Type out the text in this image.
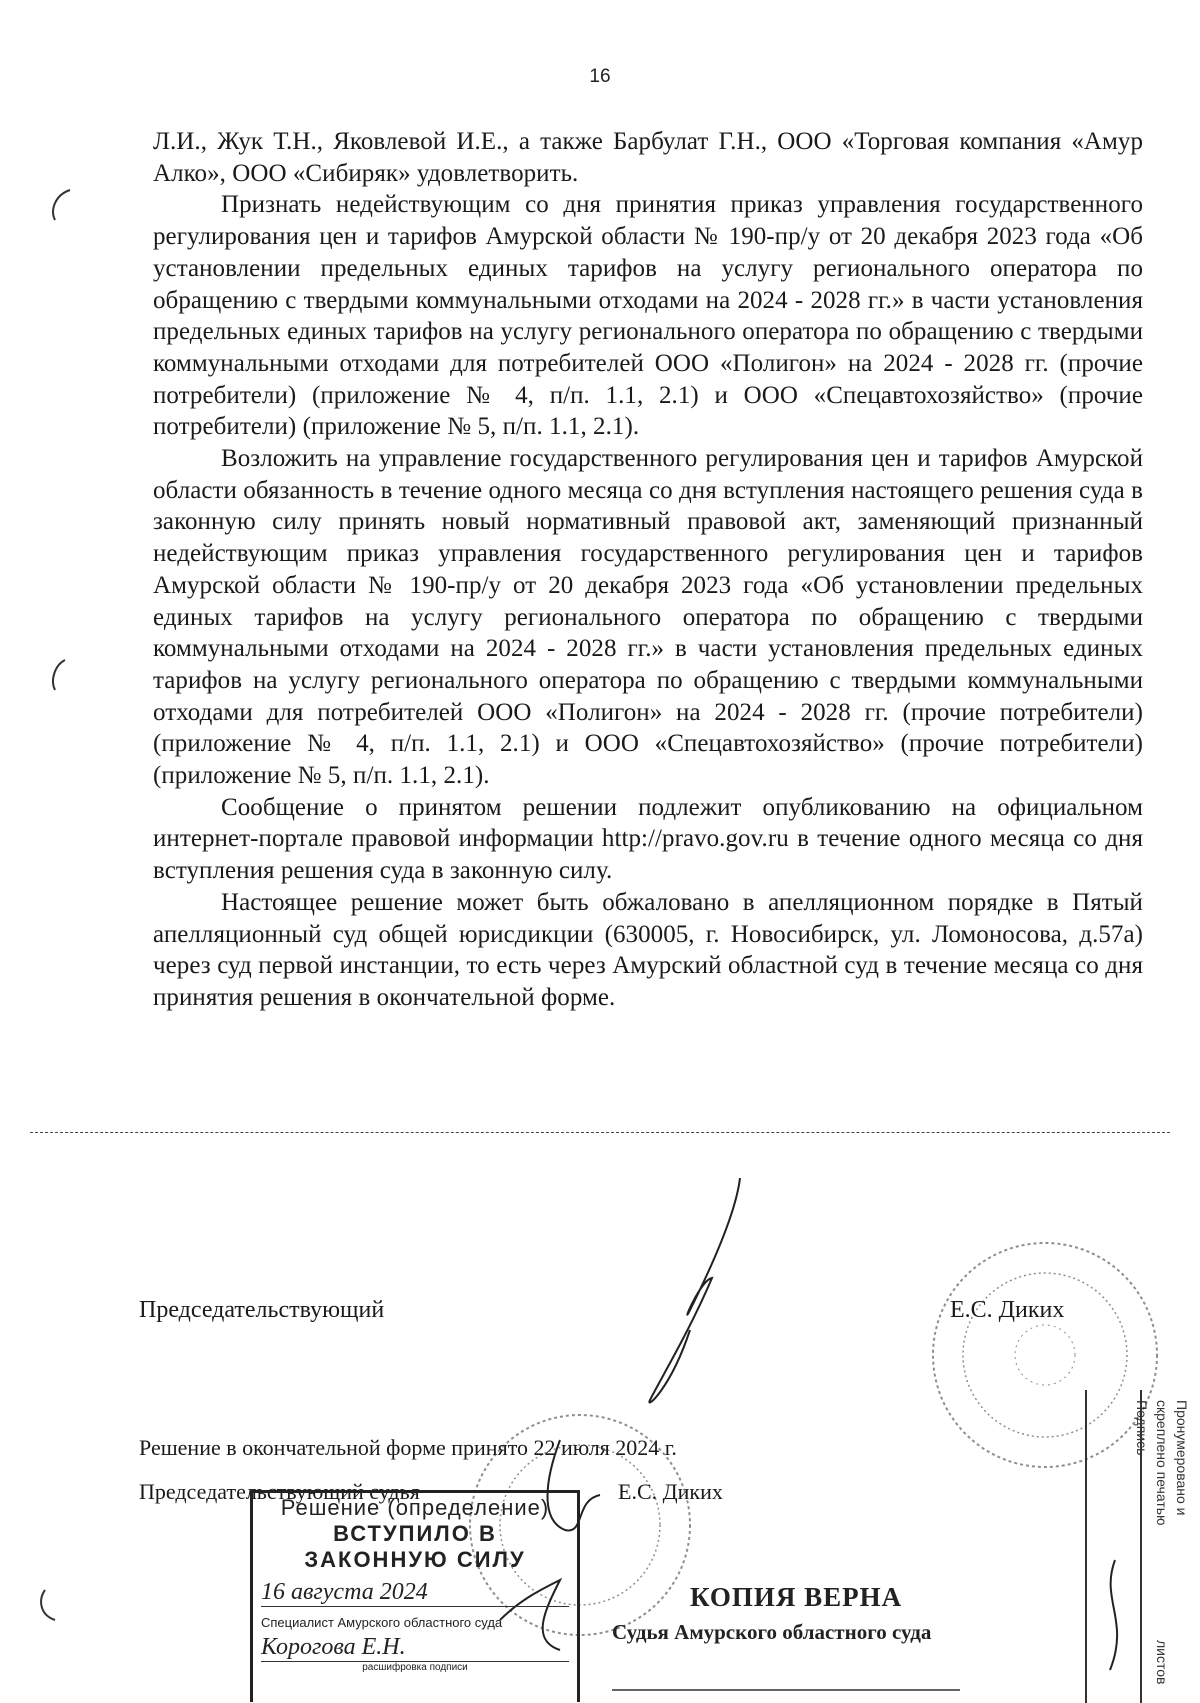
16

Л.И., Жук Т.Н., Яковлевой И.Е., а также Барбулат Г.Н., ООО «Торговая компания «Амур Алко», ООО «Сибиряк» удовлетворить.

Признать недействующим со дня принятия приказ управления государственного регулирования цен и тарифов Амурской области № 190-пр/у от 20 декабря 2023 года «Об установлении предельных единых тарифов на услугу регионального оператора по обращению с твердыми коммунальными отходами на 2024 - 2028 гг.» в части установления предельных единых тарифов на услугу регионального оператора по обращению с твердыми коммунальными отходами для потребителей ООО «Полигон» на 2024 - 2028 гг. (прочие потребители) (приложение № 4, п/п. 1.1, 2.1) и ООО «Спецавтохозяйство» (прочие потребители) (приложение № 5, п/п. 1.1, 2.1).

Возложить на управление государственного регулирования цен и тарифов Амурской области обязанность в течение одного месяца со дня вступления настоящего решения суда в законную силу принять новый нормативный правовой акт, заменяющий признанный недействующим приказ управления государственного регулирования цен и тарифов Амурской области № 190-пр/у от 20 декабря 2023 года «Об установлении предельных единых тарифов на услугу регионального оператора по обращению с твердыми коммунальными отходами на 2024 - 2028 гг.» в части установления предельных единых тарифов на услугу регионального оператора по обращению с твердыми коммунальными отходами для потребителей ООО «Полигон» на 2024 - 2028 гг. (прочие потребители) (приложение № 4, п/п. 1.1, 2.1) и ООО «Спецавтохозяйство» (прочие потребители) (приложение № 5, п/п. 1.1, 2.1).

Сообщение о принятом решении подлежит опубликованию на официальном интернет-портале правовой информации http://pravo.gov.ru в течение одного месяца со дня вступления решения суда в законную силу.

Настоящее решение может быть обжаловано в апелляционном порядке в Пятый апелляционный суд общей юрисдикции (630005, г. Новосибирск, ул. Ломоносова, д.57а) через суд первой инстанции, то есть через Амурский областной суд в течение месяца со дня принятия решения в окончательной форме.

Председательствующий	Е.С. Диких
Решение в окончательной форме принято 22 июля 2024 г.
Председательствующий судья	Е.С. Диких
Решение (определение)
ВСТУПИЛО В ЗАКОННУЮ СИЛУ
16 августа 2024
Специалист Амурского областного суда
Корогова Е.Н.
расшифровка подписи
КОПИЯ ВЕРНА
Судья Амурского областного суда
Пронумеровано и
скреплено печатью
листов
Подпись
